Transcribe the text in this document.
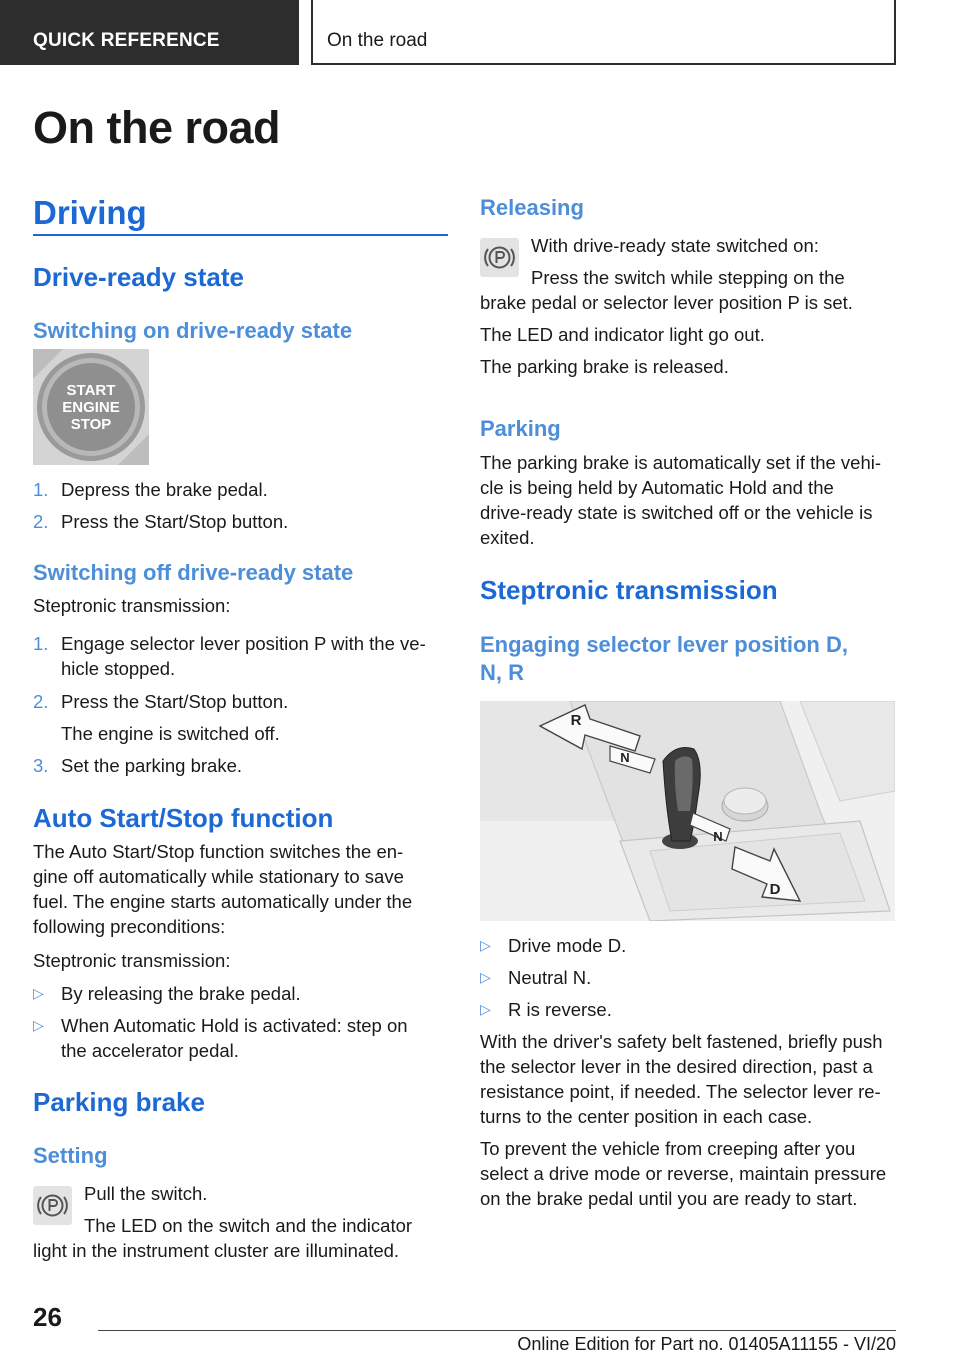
QUICK REFERENCE	On the road
On the road
Driving
Drive-ready state
Switching on drive-ready state
START
ENGINE
STOP
1. Depress the brake pedal.
2. Press the Start/Stop button.
Switching off drive-ready state
Steptronic transmission:
1. Engage selector lever position P with the ve‐
hicle stopped.
2. Press the Start/Stop button.
The engine is switched off.
3. Set the parking brake.
Auto Start/Stop function
The Auto Start/Stop function switches the en‐
gine off automatically while stationary to save
fuel. The engine starts automatically under the
following preconditions:
Steptronic transmission:
▷ By releasing the brake pedal.
▷ When Automatic Hold is activated: step on
the accelerator pedal.
Parking brake
Setting
Pull the switch.
The LED on the switch and the indicator
light in the instrument cluster are illuminated.
Releasing
With drive-ready state switched on:
Press the switch while stepping on the
brake pedal or selector lever position P is set.
The LED and indicator light go out.
The parking brake is released.
Parking
The parking brake is automatically set if the vehi‐
cle is being held by Automatic Hold and the
drive-ready state is switched off or the vehicle is
exited.
Steptronic transmission
Engaging selector lever position D,
N, R
R
N
N
D
▷ Drive mode D.
▷ Neutral N.
▷ R is reverse.
With the driver's safety belt fastened, briefly push
the selector lever in the desired direction, past a
resistance point, if needed. The selector lever re‐
turns to the center position in each case.
To prevent the vehicle from creeping after you
select a drive mode or reverse, maintain pressure
on the brake pedal until you are ready to start.
26
Online Edition for Part no. 01405A11155 - VI/20
